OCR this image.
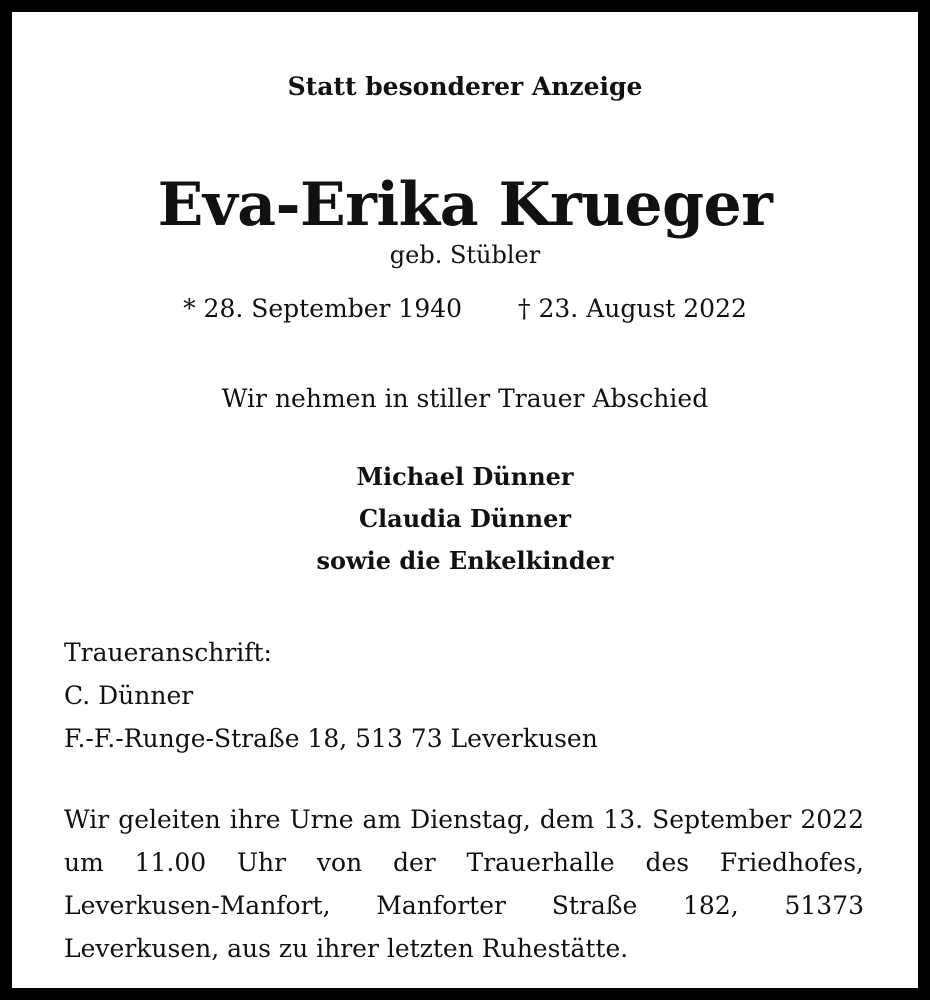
Statt besonderer Anzeige
Eva-Erika Krueger
geb. Stübler
* 28. September 1940 † 23. August 2022
Wir nehmen in stiller Trauer Abschied
Michael Dünner
Claudia Dünner
sowie die Enkelkinder
Traueranschrift:
C. Dünner
F.-F.-Runge-Straße 18, 513 73 Leverkusen
Wir geleiten ihre Urne am Dienstag, dem 13. September 2022 um 11.00 Uhr von der Trauerhalle des Friedhofes, Leverkusen-Manfort, Manforter Straße 182, 51373 Leverkusen, aus zu ihrer letzten Ruhestätte.
